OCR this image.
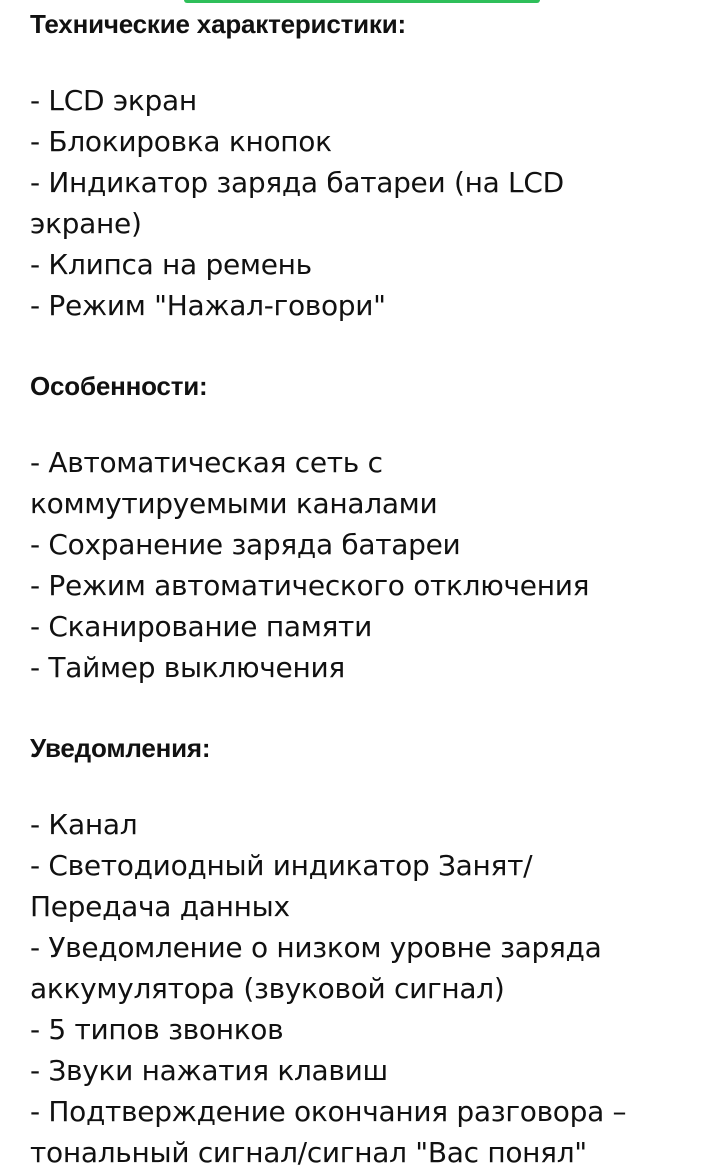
Технические характеристики:

- LCD экран

- Блокировка кнопок

- Индикатор заряда батареи (на LCD

экране)

- Клипса на ремень

- Режим "Нажал-говори"

Особенности:

- Автоматическая сеть с

коммутируемыми каналами

- Сохранение заряда батареи

- Режим автоматического отключения

- Сканирование памяти

- Таймер выключения

Уведомления:

- Канал

- Светодиодный индикатор Занят/

Передача данных

- Уведомление о низком уровне заряда

аккумулятора (звуковой сигнал)

- 5 типов звонков

- Звуки нажатия клавиш

- Подтверждение окончания разговора –

тональный сигнал/сигнал "Вас понял"
